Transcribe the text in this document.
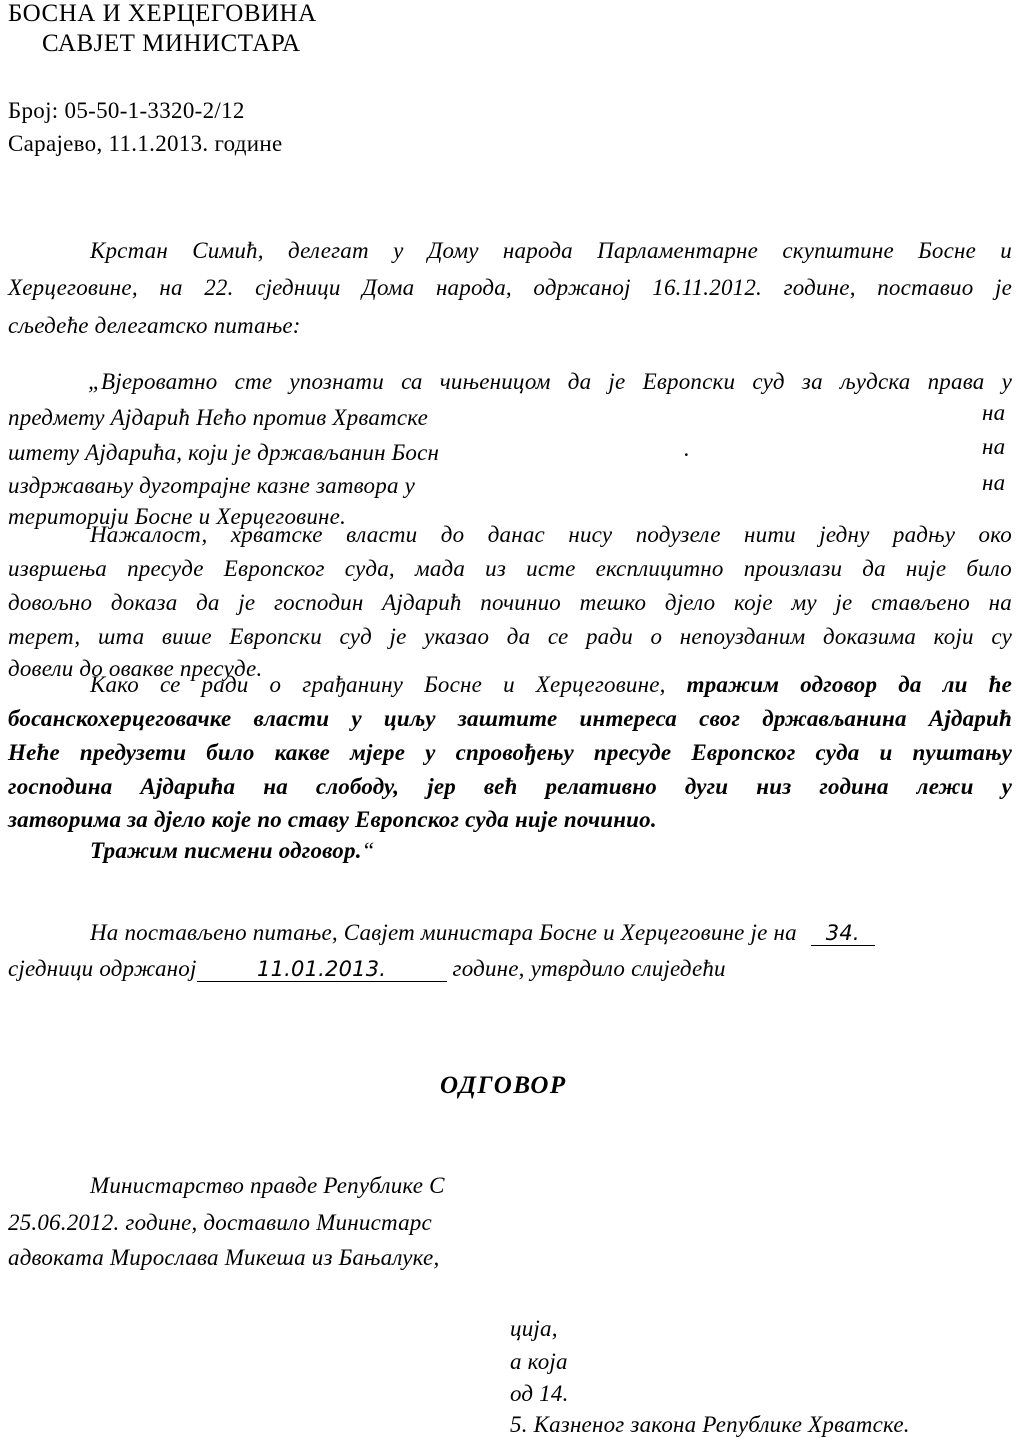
БОСНА И ХЕРЦЕГОВИНА
САВЈЕТ МИНИСТАРА
Број: 05-50-1-3320-2/12
Сарајево, 11.1.2013. године
Крстан Симић, делегат у Дому народа Парламентарне скупштине Босне и
Херцеговине, на 22. сједници Дома народа, одржаној 16.11.2012. године, поставио је
сљедеће делегатско питање:
„Вјероватно сте упознати са чињеницом да је Европски суд за људска права у
предмету Ајдарић Нећо против Хрватске	на
штету Ајдарића, који је држављанин Босн	.	на
издржавању дуготрајне казне затвора у	на
територији Босне и Херцеговине.
Нажалост, хрватске власти до данас нису подузеле нити једну радњу око
извршења пресуде Европског суда, мада из исте експлицитно произлази да није било
довољно доказа да је господин Ајдарић починио тешко дјело које му је стављено на
терет, шта више Европски суд је указао да се ради о непоузданим доказима који су
довели до овакве пресуде.
Како се ради о грађанину Босне и Херцеговине, тражим одговор да ли ће
босанскохерцеговачке власти у циљу заштите интереса свог држављанина Ајдарић
Нећe предузети било какве мјере у спровођењу пресуде Европског суда и пуштању
господина Ајдарића на слободу, јер већ релативно дуги низ година лежи у
затворима за дјело које по ставу Европског суда није починио.
Тражим писмени одговор.“
На постављено питање, Савјет министара Босне и Херцеговине је на 34.
сједници одржаној	11.01.2013.	године, утврдило слиједећи
ОДГОВОР
Министарство правде Републике С
25.06.2012. године, доставило Министарс
адвоката Мирослава Микеша из Бањалуке,
ција,
а која
од 14.
5. Казненог закона Републике Хрватске.
